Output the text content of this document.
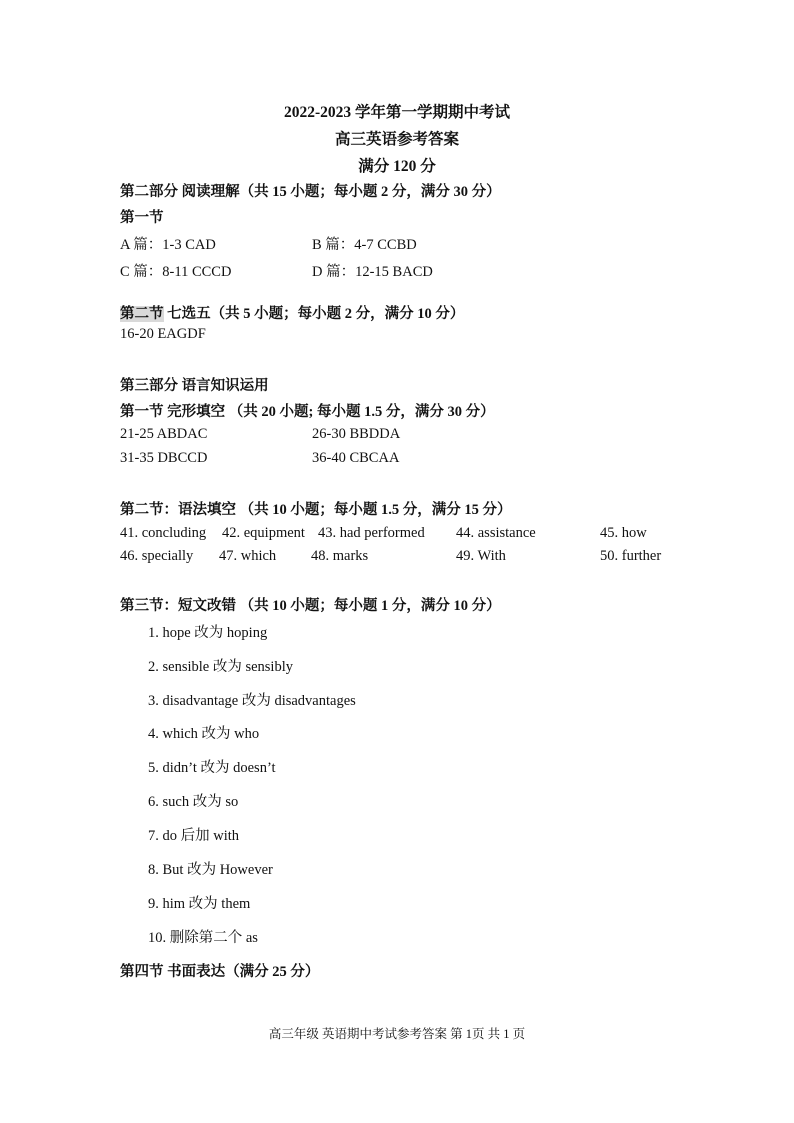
2022-2023 学年第一学期期中考试
高三英语参考答案
满分 120 分
第二部分 阅读理解（共 15 小题；每小题 2 分，满分 30 分）
第一节
A 篇：1-3 CAD	B 篇：4-7 CCBD
C 篇：8-11 CCCD	D 篇：12-15 BACD
第二节 七选五（共 5 小题；每小题 2 分，满分 10 分）
16-20 EAGDF
第三部分 语言知识运用
第一节 完形填空 （共 20 小题; 每小题 1.5 分，满分 30 分）
21-25 ABDAC	26-30 BBDDA
31-35 DBCCD	36-40 CBCAA
第二节：语法填空 （共 10 小题；每小题 1.5 分，满分 15 分）
41. concluding 42. equipment 43. had performed 44. assistance	45. how
46. specially 47. which 48. marks	49. With	50. further
第三节：短文改错 （共 10 小题；每小题 1 分，满分 10 分）
1. hope 改为 hoping
2. sensible 改为 sensibly
3. disadvantage 改为 disadvantages
4. which 改为 who
5. didn’t 改为 doesn’t
6. such 改为 so
7. do 后加 with
8. But 改为 However
9. him 改为 them
10. 删除第二个 as
第四节 书面表达（满分 25 分）
高三年级 英语期中考试参考答案 第 1页 共 1 页
